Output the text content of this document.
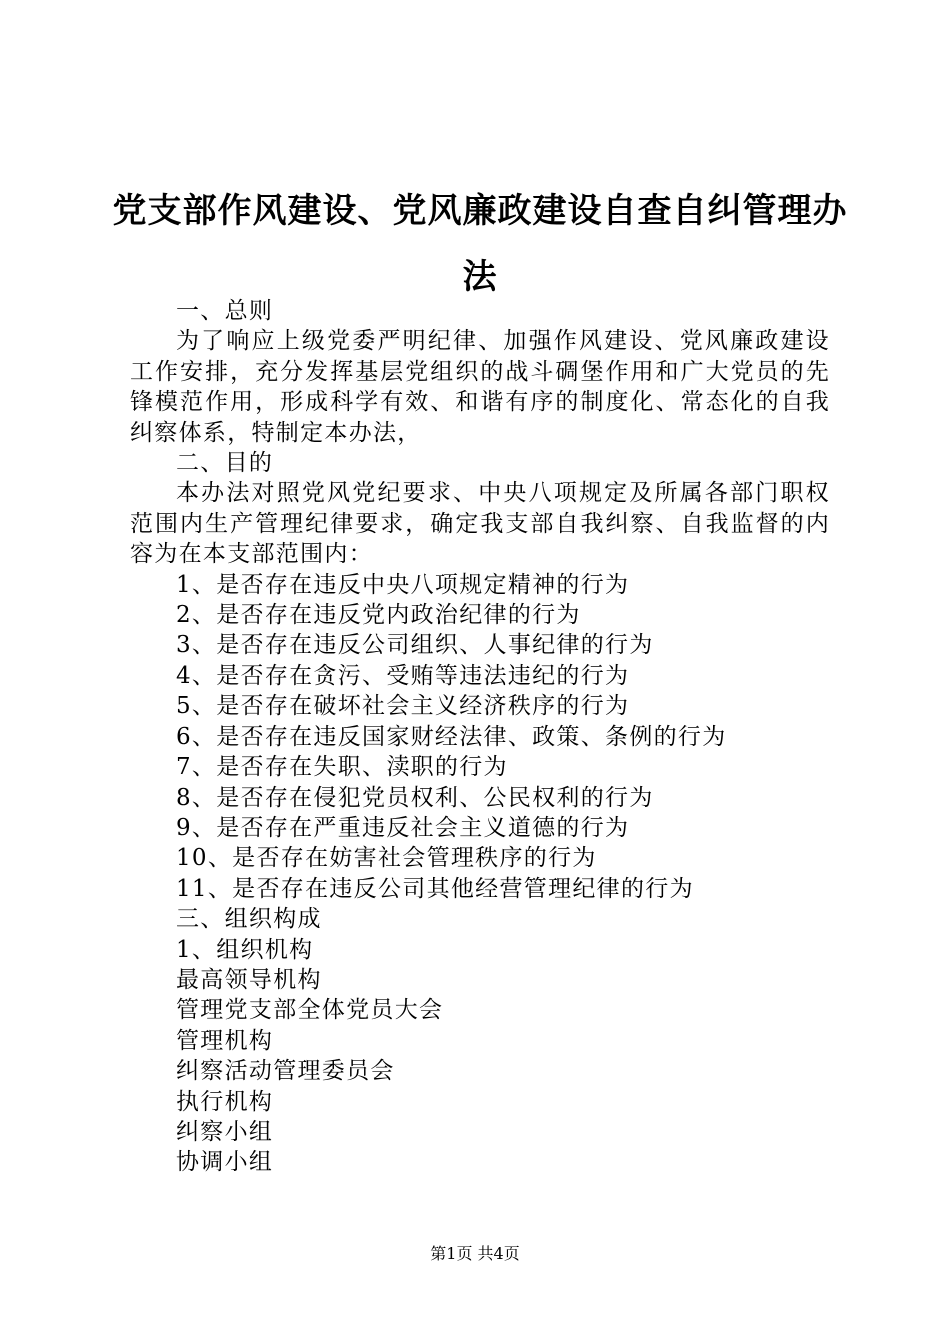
党支部作风建设、党风廉政建设自查自纠管理办法

一、总则

为了响应上级党委严明纪律、加强作风建设、党风廉政建设工作安排，充分发挥基层党组织的战斗碉堡作用和广大党员的先锋模范作用，形成科学有效、和谐有序的制度化、常态化的自我纠察体系，特制定本办法，

二、目的

本办法对照党风党纪要求、中央八项规定及所属各部门职权范围内生产管理纪律要求，确定我支部自我纠察、自我监督的内容为在本支部范围内：

1、是否存在违反中央八项规定精神的行为

2、是否存在违反党内政治纪律的行为

3、是否存在违反公司组织、人事纪律的行为

4、是否存在贪污、受贿等违法违纪的行为

5、是否存在破坏社会主义经济秩序的行为

6、是否存在违反国家财经法律、政策、条例的行为

7、是否存在失职、渎职的行为

8、是否存在侵犯党员权利、公民权利的行为

9、是否存在严重违反社会主义道德的行为

10、是否存在妨害社会管理秩序的行为

11、是否存在违反公司其他经营管理纪律的行为

三、组织构成

1、组织机构

最高领导机构

管理党支部全体党员大会

管理机构

纠察活动管理委员会

执行机构

纠察小组

协调小组

第1页 共4页
